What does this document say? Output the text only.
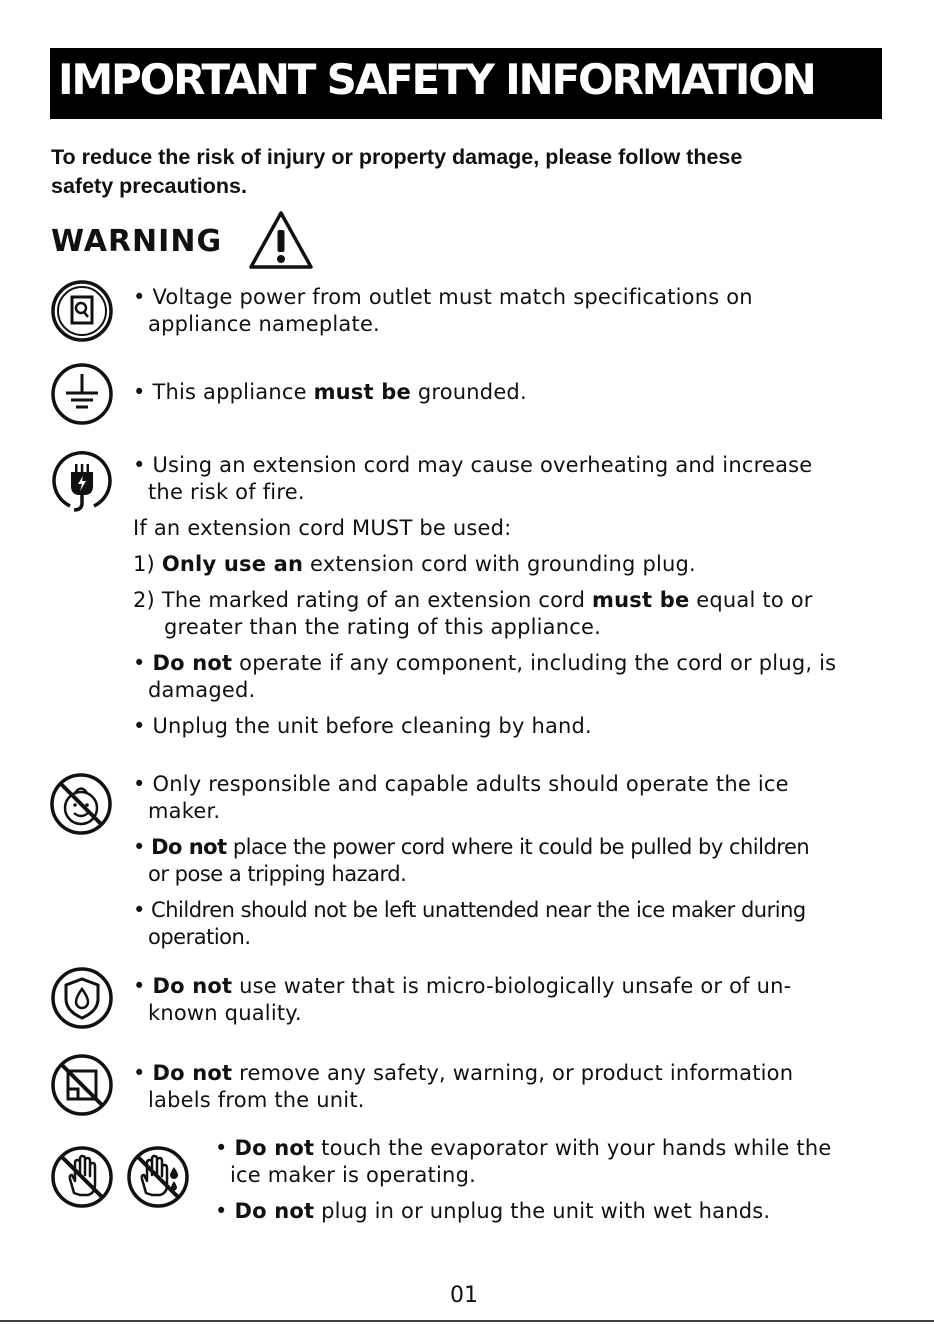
IMPORTANT SAFETY INFORMATION
To reduce the risk of injury or property damage, please follow these
safety precautions.
WARNING
• Voltage power from outlet must match specifications on
appliance nameplate.
• This appliance must be grounded.
• Using an extension cord may cause overheating and increase
the risk of fire.
If an extension cord MUST be used:
1) Only use an extension cord with grounding plug.
2) The marked rating of an extension cord must be equal to or
greater than the rating of this appliance.
• Do not operate if any component, including the cord or plug, is
damaged.
• Unplug the unit before cleaning by hand.
• Only responsible and capable adults should operate the ice
maker.
• Do not place the power cord where it could be pulled by children
or pose a tripping hazard.
• Children should not be left unattended near the ice maker during
operation.
• Do not use water that is micro-biologically unsafe or of un-
known quality.
• Do not remove any safety, warning, or product information
labels from the unit.
• Do not touch the evaporator with your hands while the
ice maker is operating.
• Do not plug in or unplug the unit with wet hands.
01
